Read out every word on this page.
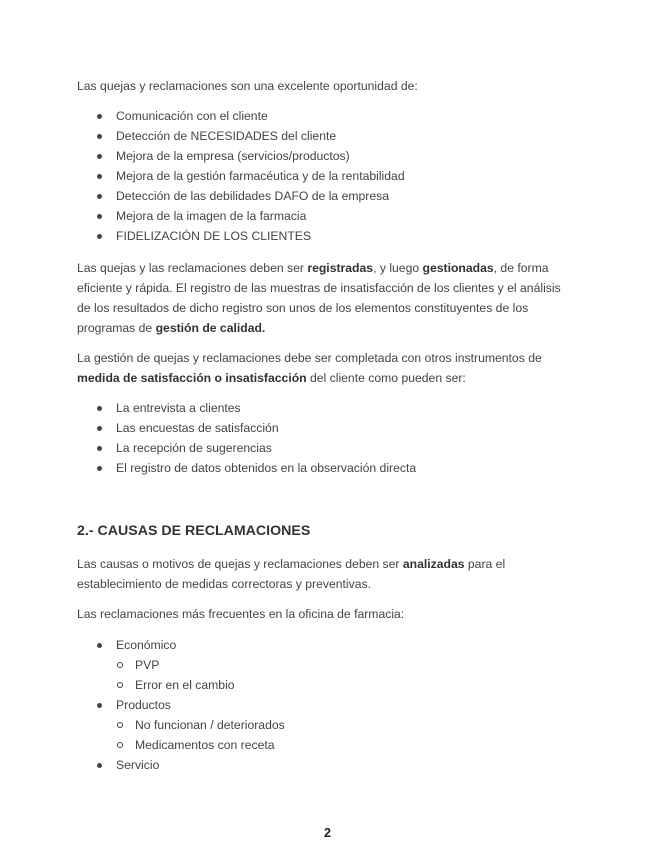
Las quejas y reclamaciones son una excelente oportunidad de:

Comunicación con el cliente
Detección de NECESIDADES del cliente
Mejora de la empresa (servicios/productos)
Mejora de la gestión farmacéutica y de la rentabilidad
Detección de las debilidades DAFO de la empresa
Mejora de la imagen de la farmacia
FIDELIZACIÓN DE LOS CLIENTES

Las quejas y las reclamaciones deben ser registradas, y luego gestionadas, de forma eficiente y rápida. El registro de las muestras de insatisfacción de los clientes y el análisis de los resultados de dicho registro son unos de los elementos constituyentes de los programas de gestión de calidad.

La gestión de quejas y reclamaciones debe ser completada con otros instrumentos de medida de satisfacción o insatisfacción del cliente como pueden ser:

La entrevista a clientes
Las encuestas de satisfacción
La recepción de sugerencias
El registro de datos obtenidos en la observación directa
2.- CAUSAS DE RECLAMACIONES

Las causas o motivos de quejas y reclamaciones deben ser analizadas para el establecimiento de medidas correctoras y preventivas.

Las reclamaciones más frecuentes en la oficina de farmacia:

Económico
PVP
Error en el cambio
Productos
No funcionan / deteriorados
Medicamentos con receta
Servicio
2
